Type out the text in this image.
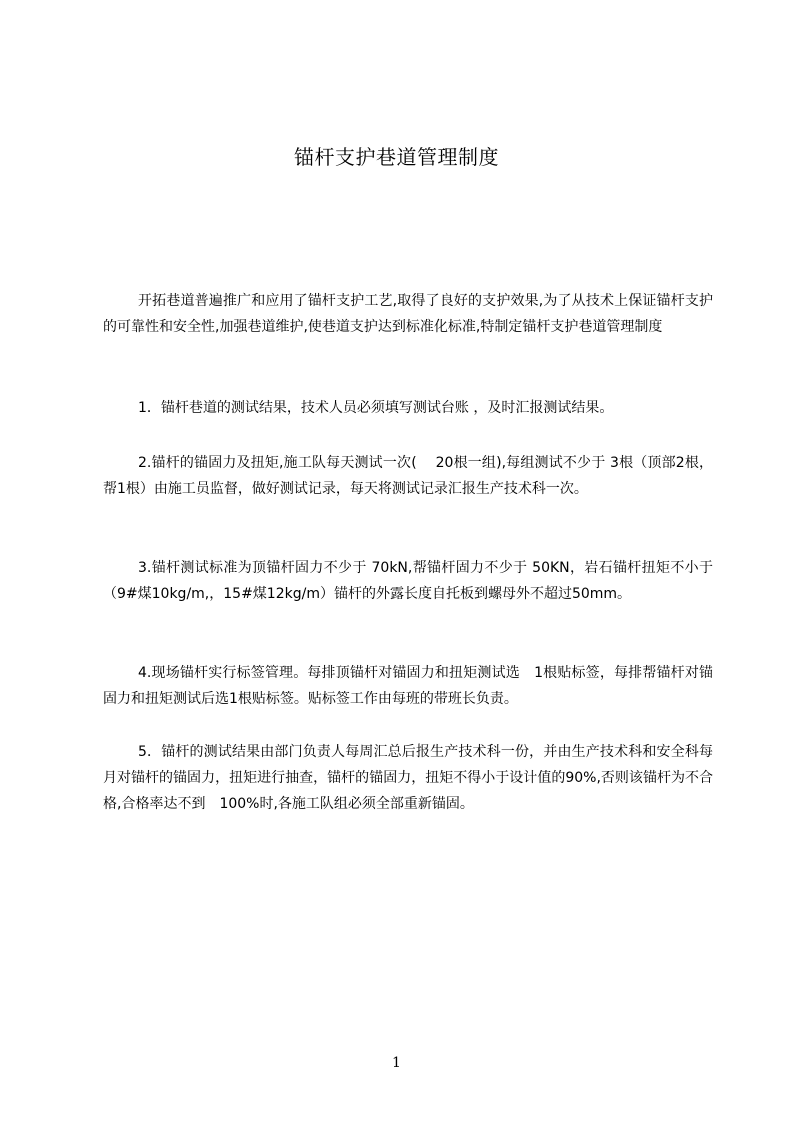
锚杆支护巷道管理制度
开拓巷道普遍推广和应用了锚杆支护工艺,取得了良好的支护效果,为了从技术上保证锚杆支护的可靠性和安全性,加强巷道维护,使巷道支护达到标准化标准,特制定锚杆支护巷道管理制度
1．锚杆巷道的测试结果，技术人员必须填写测试台账 ，及时汇报测试结果。
2.锚杆的锚固力及扭矩,施工队每天测试一次(　 20根一组),每组测试不少于 3根（顶部2根，帮1根）由施工员监督，做好测试记录，每天将测试记录汇报生产技术科一次。
3.锚杆测试标准为顶锚杆固力不少于 70kN,帮锚杆固力不少于 50KN，岩石锚杆扭矩不小于（9#煤10kg/m,，15#煤12kg/m）锚杆的外露长度自托板到螺母外不超过50mm。
4.现场锚杆实行标签管理。每排顶锚杆对锚固力和扭矩测试选　1根贴标签，每排帮锚杆对锚固力和扭矩测试后选1根贴标签。贴标签工作由每班的带班长负责。
5．锚杆的测试结果由部门负责人每周汇总后报生产技术科一份，并由生产技术科和安全科每月对锚杆的锚固力，扭矩进行抽查，锚杆的锚固力，扭矩不得小于设计值的90%,否则该锚杆为不合格,合格率达不到　100%时,各施工队组必须全部重新锚固。
1
